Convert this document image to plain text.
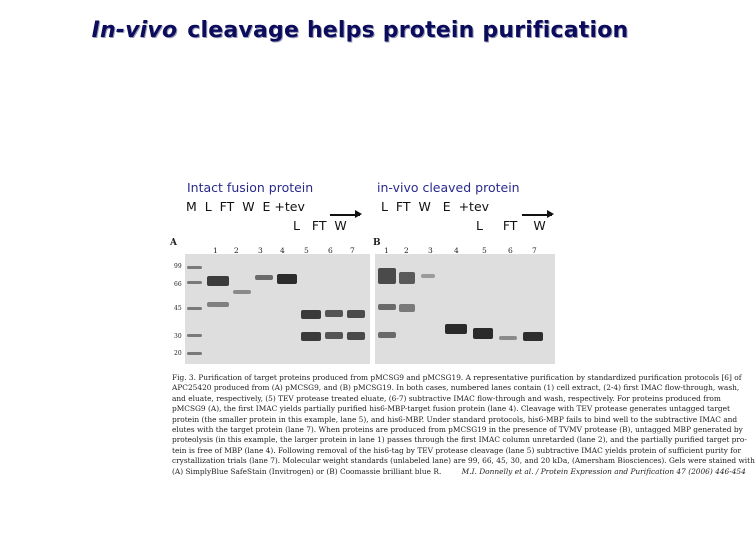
In-vivo cleavage helps protein purification
Intact fusion protein
M  L  FT  W  E +tev
L   FT  W
in-vivo cleaved protein
L  FT  W   E  +tev
L     FT    W
A	B
99
66
45
30
20
1 2	3 4	5	6 7	1 2	3	4	5	6	7
Fig. 3. Purification of target proteins produced from pMCSG9 and pMCSG19. A representative purification by standardized purification protocols [6] of
APC25420 produced from (A) pMCSG9, and (B) pMCSG19. In both cases, numbered lanes contain (1) cell extract, (2-4) first IMAC flow-through, wash,
and eluate, respectively, (5) TEV protease treated eluate, (6-7) subtractive IMAC flow-through and wash, respectively. For proteins produced from
pMCSG9 (A), the first IMAC yields partially purified his6-MBP-target fusion protein (lane 4). Cleavage with TEV protease generates untagged target
protein (the smaller protein in this example, lane 5), and his6-MBP. Under standard protocols, his6-MBP fails to bind well to the subtractive IMAC and
elutes with the target protein (lane 7). When proteins are produced from pMCSG19 in the presence of TVMV protease (B), untagged MBP generated by
proteolysis (in this example, the larger protein in lane 1) passes through the first IMAC column unretarded (lane 2), and the partially purified target pro-
tein is free of MBP (lane 4). Following removal of the his6-tag by TEV protease cleavage (lane 5) subtractive IMAC yields protein of sufficient purity for
crystallization trials (lane 7). Molecular weight standards (unlabeled lane) are 99, 66, 45, 30, and 20 kDa, (Amersham Biosciences). Gels were stained with
(A) SimplyBlue SafeStain (Invitrogen) or (B) Coomassie brilliant blue R.	M.I. Donnelly et al. / Protein Expression and Purification 47 (2006) 446-454
